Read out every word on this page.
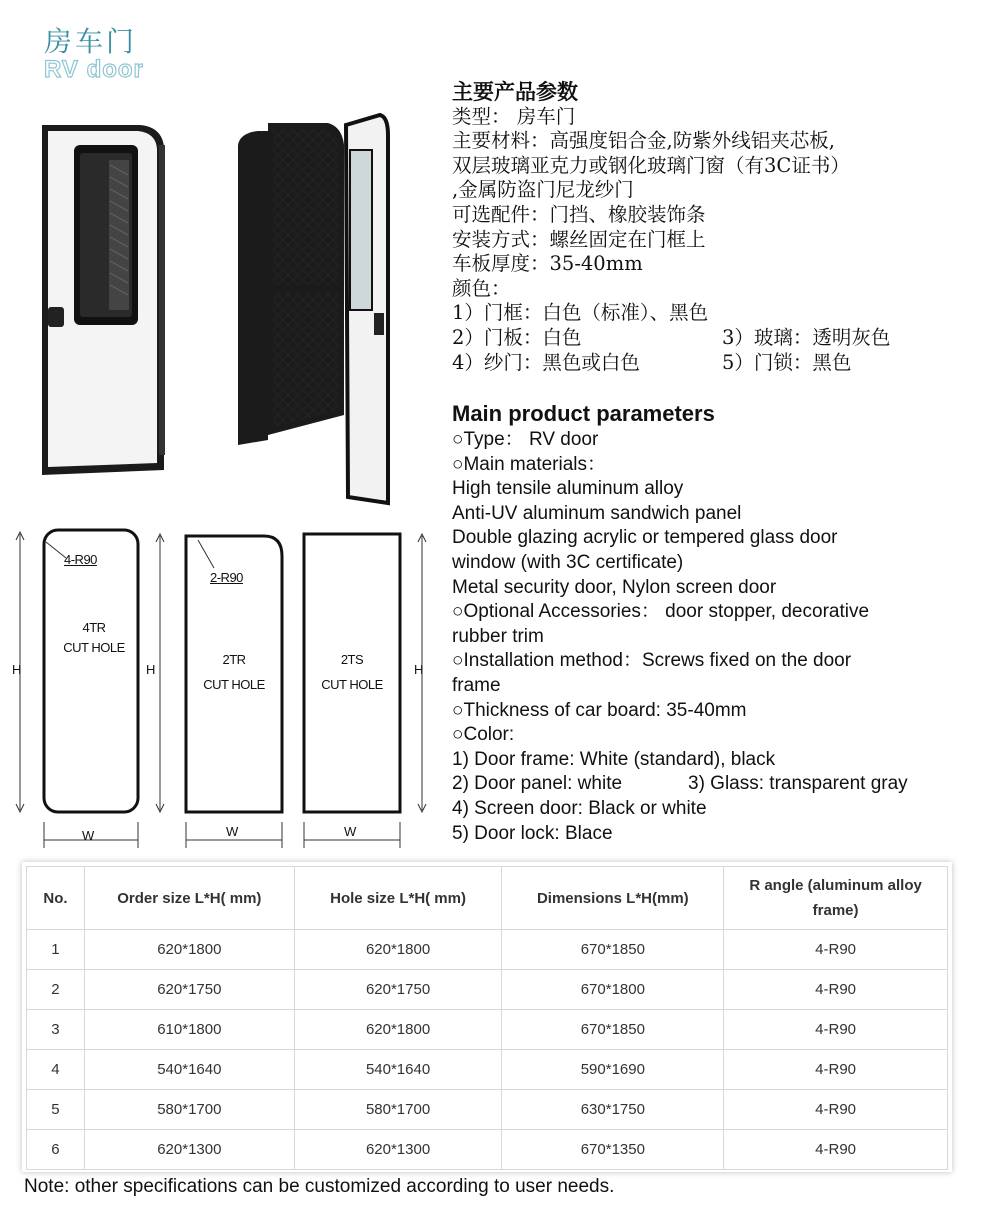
房车门
RV door
4-R90
4TR
CUT HOLE
H
W
2-R90
2TR
CUT HOLE
H
W
2TS
CUT HOLE
H
W
主要产品参数
类型： 房车门
主要材料：高强度铝合金,防紫外线铝夹芯板,
双层玻璃亚克力或钢化玻璃门窗（有3C证书）
,金属防盗门尼龙纱门
可选配件：门挡、橡胶装饰条
安装方式：螺丝固定在门框上
车板厚度：35-40mm
颜色：
1）门框：白色（标准）、黑色
2）门板：白色	3）玻璃：透明灰色
4）纱门：黑色或白色	5）门锁：黑色
Main product parameters
○Type： RV door
○Main materials：
High tensile aluminum alloy
Anti-UV aluminum sandwich panel
Double glazing acrylic or tempered glass door
window (with 3C certificate)
Metal security door, Nylon screen door
○Optional Accessories： door stopper, decorative
rubber trim
○Installation method：Screws fixed on the door
frame
○Thickness of car board: 35-40mm
○Color:
1) Door frame: White (standard), black
2) Door panel: white	3) Glass: transparent gray
4) Screen door: Black or white
5) Door lock: Blace
No.	Order size L*H( mm)	Hole size L*H( mm)	Dimensions L*H(mm)	R angle (aluminum alloy frame)
1	620*1800	620*1800	670*1850	4-R90
2	620*1750	620*1750	670*1800	4-R90
3	610*1800	620*1800	670*1850	4-R90
4	540*1640	540*1640	590*1690	4-R90
5	580*1700	580*1700	630*1750	4-R90
6	620*1300	620*1300	670*1350	4-R90
Note: other specifications can be customized according to user needs.
